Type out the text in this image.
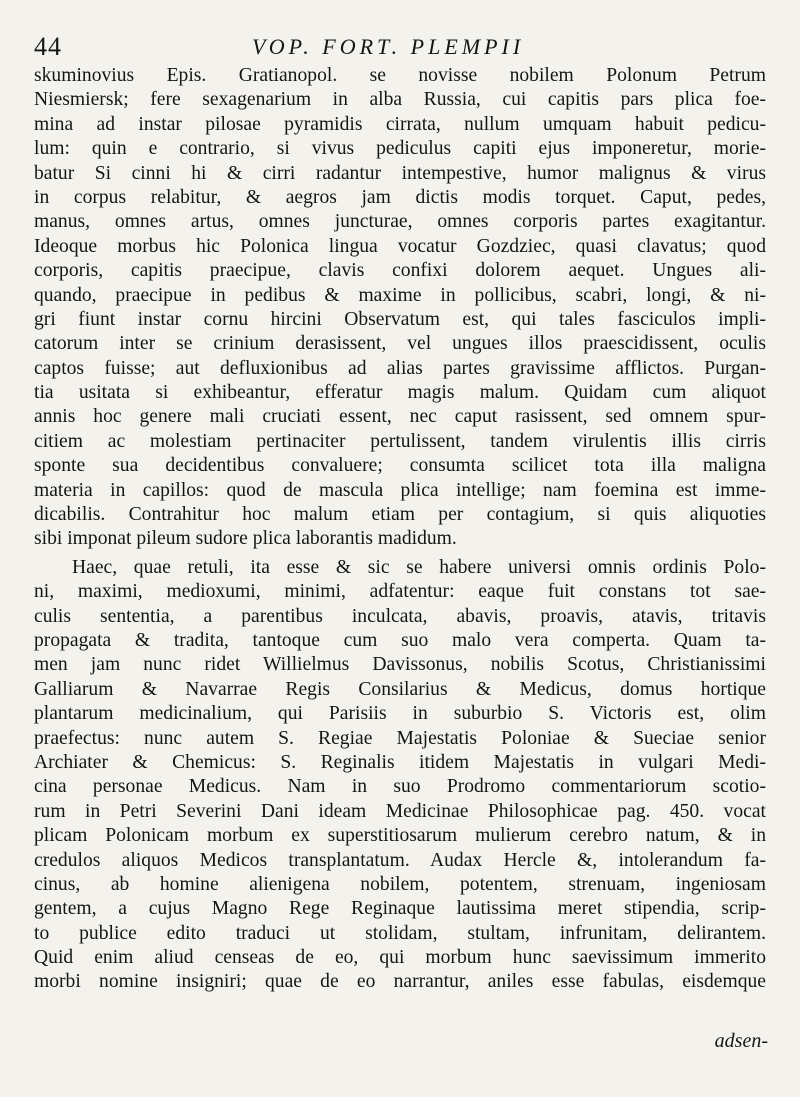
44	VOP. FORT. PLEMPII
skuminovius Epis. Gratianopol. se novisse nobilem Polonum Petrum
Niesmiersk; fere sexagenarium in alba Russia, cui capitis pars plica foe-
mina ad instar pilosae pyramidis cirrata, nullum umquam habuit pedicu-
lum: quin e contrario, si vivus pediculus capiti ejus imponeretur, morie-
batur Si cinni hi & cirri radantur intempestive, humor malignus & virus
in corpus relabitur, & aegros jam dictis modis torquet. Caput, pedes,
manus, omnes artus, omnes juncturae, omnes corporis partes exagitantur.
Ideoque morbus hic Polonica lingua vocatur Gozdziec, quasi clavatus; quod
corporis, capitis praecipue, clavis confixi dolorem aequet. Ungues ali-
quando, praecipue in pedibus & maxime in pollicibus, scabri, longi, & ni-
gri fiunt instar cornu hircini Observatum est, qui tales fasciculos impli-
catorum inter se crinium derasissent, vel ungues illos praescidissent, oculis
captos fuisse; aut defluxionibus ad alias partes gravissime afflictos. Purgan-
tia usitata si exhibeantur, efferatur magis malum. Quidam cum aliquot
annis hoc genere mali cruciati essent, nec caput rasissent, sed omnem spur-
citiem ac molestiam pertinaciter pertulissent, tandem virulentis illis cirris
sponte sua decidentibus convaluere; consumta scilicet tota illa maligna
materia in capillos: quod de mascula plica intellige; nam foemina est imme-
dicabilis. Contrahitur hoc malum etiam per contagium, si quis aliquoties
sibi imponat pileum sudore plica laborantis madidum.
Haec, quae retuli, ita esse & sic se habere universi omnis ordinis Polo-
ni, maximi, medioxumi, minimi, adfatentur: eaque fuit constans tot sae-
culis sententia, a parentibus inculcata, abavis, proavis, atavis, tritavis
propagata & tradita, tantoque cum suo malo vera comperta. Quam ta-
men jam nunc ridet Willielmus Davissonus, nobilis Scotus, Christianissimi
Galliarum & Navarrae Regis Consilarius & Medicus, domus hortique
plantarum medicinalium, qui Parisiis in suburbio S. Victoris est, olim
praefectus: nunc autem S. Regiae Majestatis Poloniae & Sueciae senior
Archiater & Chemicus: S. Reginalis itidem Majestatis in vulgari Medi-
cina personae Medicus. Nam in suo Prodromo commentariorum scotio-
rum in Petri Severini Dani ideam Medicinae Philosophicae pag. 450. vocat
plicam Polonicam morbum ex superstitiosarum mulierum cerebro natum, & in
credulos aliquos Medicos transplantatum. Audax Hercle &, intolerandum fa-
cinus, ab homine alienigena nobilem, potentem, strenuam, ingeniosam
gentem, a cujus Magno Rege Reginaque lautissima meret stipendia, scrip-
to publice edito traduci ut stolidam, stultam, infrunitam, delirantem.
Quid enim aliud censeas de eo, qui morbum hunc saevissimum immerito
morbi nomine insigniri; quae de eo narrantur, aniles esse fabulas, eisdemque
adsen-
